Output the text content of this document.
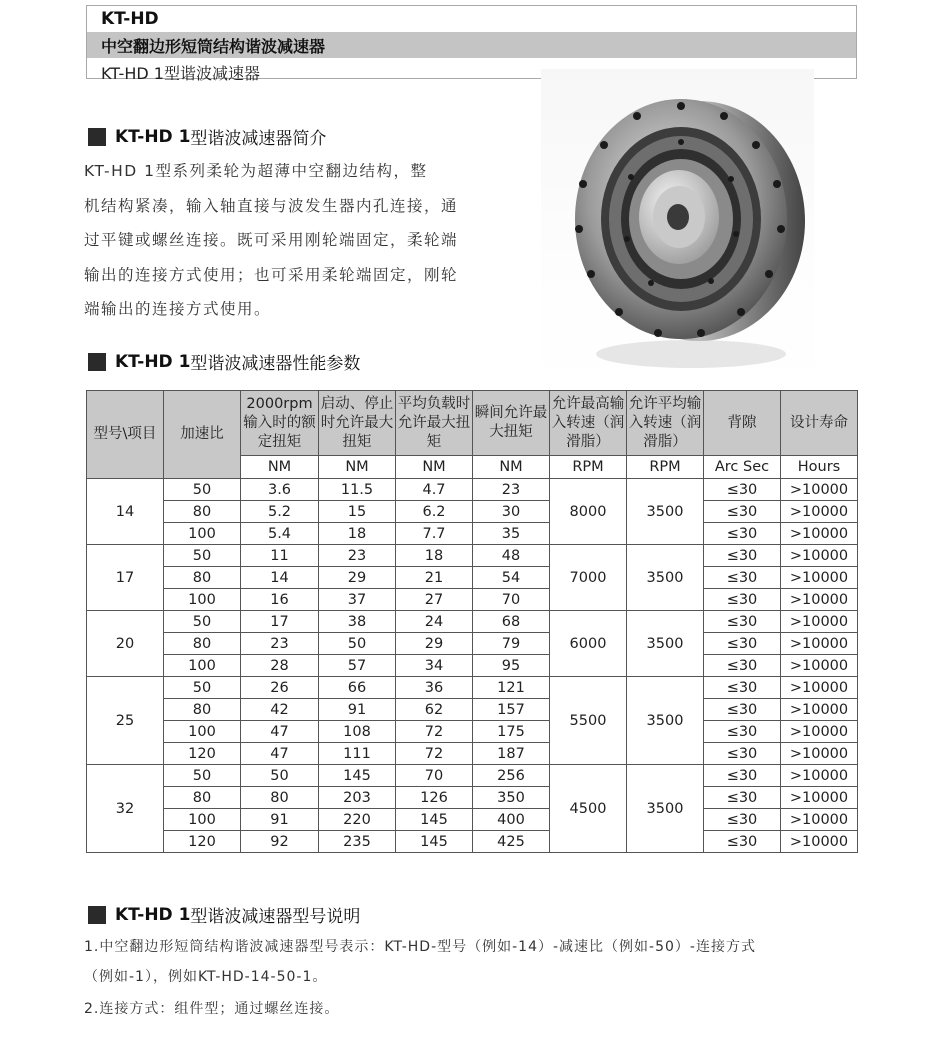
KT-HD
中空翻边形短筒结构谐波减速器
KT-HD 1型谐波减速器
KT-HD 1 型谐波减速器简介

KT-HD 1型系列柔轮为超薄中空翻边结构，整

机结构紧凑，输入轴直接与波发生器内孔连接，通

过平键或螺丝连接。既可采用刚轮端固定，柔轮端

输出的连接方式使用；也可采用柔轮端固定，刚轮

端输出的连接方式使用。

KT-HD 1 型谐波减速器性能参数
型号\项目	加速比	2000rpm输入时的额定扭矩	启动、停止时允许最大扭矩	平均负载时允许最大扭矩	瞬间允许最大扭矩	允许最高输入转速（润滑脂）	允许平均输入转速（润滑脂）	背隙	设计寿命
		NM	NM	NM	NM	RPM	RPM	Arc Sec	Hours
14	50	3.6	11.5	4.7	23	8000	3500	≤30	>10000
	80	5.2	15	6.2	30			≤30	>10000
	100	5.4	18	7.7	35			≤30	>10000
17	50	11	23	18	48	7000	3500	≤30	>10000
	80	14	29	21	54			≤30	>10000
	100	16	37	27	70			≤30	>10000
20	50	17	38	24	68	6000	3500	≤30	>10000
	80	23	50	29	79			≤30	>10000
	100	28	57	34	95			≤30	>10000
25	50	26	66	36	121	5500	3500	≤30	>10000
	80	42	91	62	157			≤30	>10000
	100	47	108	72	175			≤30	>10000
	120	47	111	72	187			≤30	>10000
32	50	50	145	70	256	4500	3500	≤30	>10000
	80	80	203	126	350			≤30	>10000
	100	91	220	145	400			≤30	>10000
	120	92	235	145	425			≤30	>10000
KT-HD 1 型谐波减速器型号说明

1.中空翻边形短筒结构谐波减速器型号表示：KT-HD-型号（例如-14）-减速比（例如-50）-连接方式

（例如-1），例如KT-HD-14-50-1。

2.连接方式：组件型；通过螺丝连接。
